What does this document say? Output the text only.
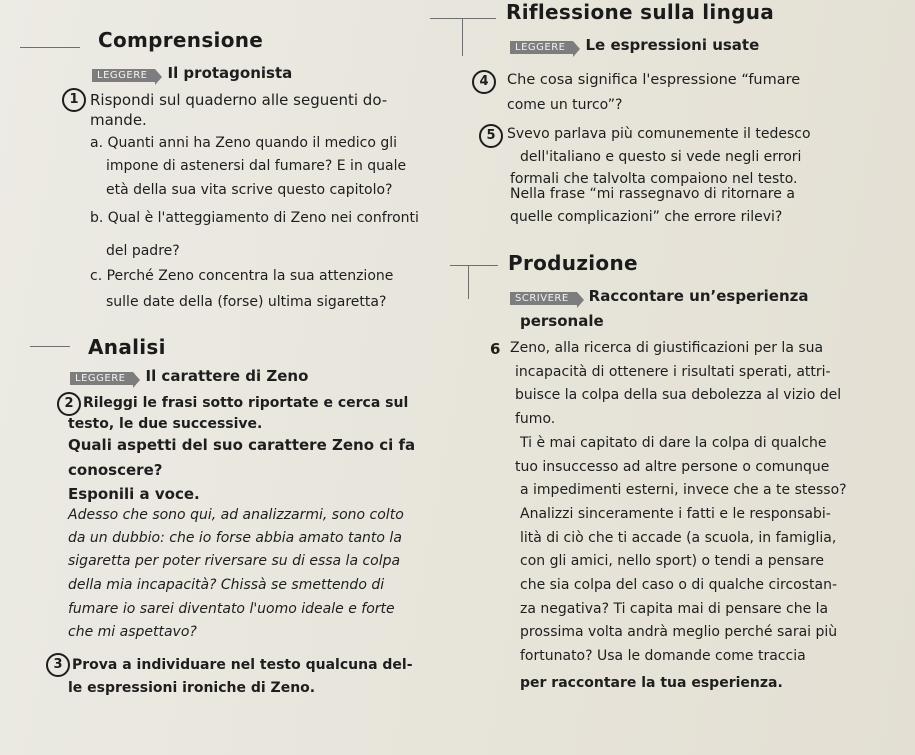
Comprensione
LEGGERE Il protagonista
1 Rispondi sul quaderno alle seguenti do-
mande.
a. Quanti anni ha Zeno quando il medico gli
impone di astenersi dal fumare? E in quale
età della sua vita scrive questo capitolo?
b. Qual è l'atteggiamento di Zeno nei confronti
del padre?
c. Perché Zeno concentra la sua attenzione
sulle date della (forse) ultima sigaretta?
Analisi
LEGGERE Il carattere di Zeno
2 Rileggi le frasi sotto riportate e cerca sul
testo, le due successive.
Quali aspetti del suo carattere Zeno ci fa
conoscere?
Esponili a voce.
Adesso che sono qui, ad analizzarmi, sono colto
da un dubbio: che io forse abbia amato tanto la
sigaretta per poter riversare su di essa la colpa
della mia incapacità? Chissà se smettendo di
fumare io sarei diventato l'uomo ideale e forte
che mi aspettavo?
3 Prova a individuare nel testo qualcuna del-
le espressioni ironiche di Zeno.
Riflessione sulla lingua
LEGGERE Le espressioni usate
4	Che cosa significa l'espressione “fumare
come un turco”?
5 Svevo parlava più comunemente il tedesco
dell'italiano e questo si vede negli errori
formali che talvolta compaiono nel testo.
Nella frase “mi rassegnavo di ritornare a
quelle complicazioni” che errore rilevi?
Produzione
SCRIVERE Raccontare un’esperienza
personale
6 Zeno, alla ricerca di giustificazioni per la sua
incapacità di ottenere i risultati sperati, attri-
buisce la colpa della sua debolezza al vizio del
fumo.
Ti è mai capitato di dare la colpa di qualche
tuo insuccesso ad altre persone o comunque
a impedimenti esterni, invece che a te stesso?
Analizzi sinceramente i fatti e le responsabi-
lità di ciò che ti accade (a scuola, in famiglia,
con gli amici, nello sport) o tendi a pensare
che sia colpa del caso o di qualche circostan-
za negativa? Ti capita mai di pensare che la
prossima volta andrà meglio perché sarai più
fortunato? Usa le domande come traccia
per raccontare la tua esperienza.
